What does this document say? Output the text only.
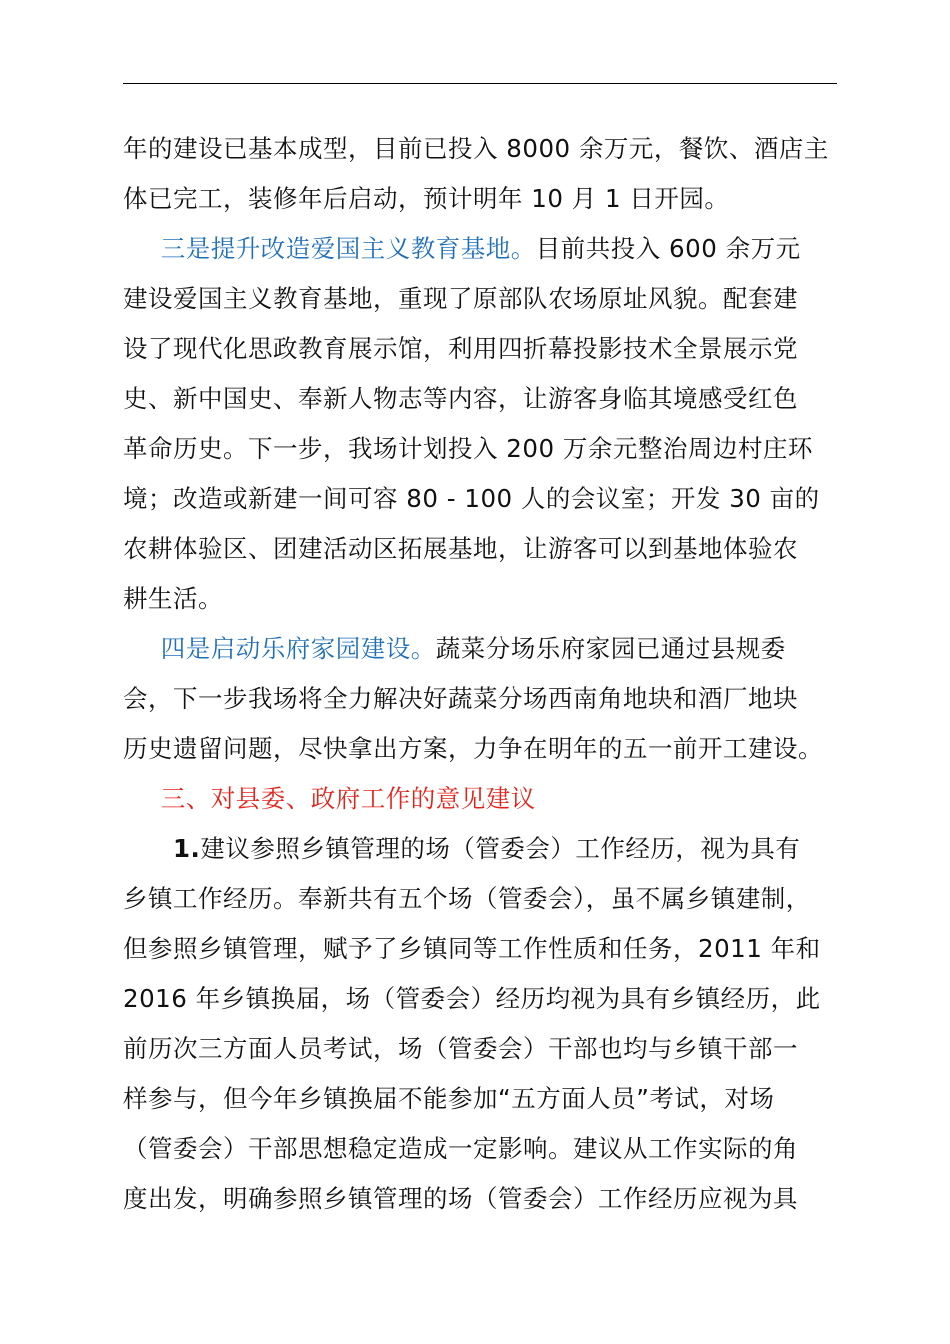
年的建设已基本成型，目前已投入 8000 余万元，餐饮、酒店主
体已完工，装修年后启动，预计明年 10 月 1 日开园。
  三是提升改造爱国主义教育基地。目前共投入 600 余万元
建设爱国主义教育基地，重现了原部队农场原址风貌。配套建
设了现代化思政教育展示馆，利用四折幕投影技术全景展示党
史、新中国史、奉新人物志等内容，让游客身临其境感受红色
革命历史。下一步，我场计划投入 200 万余元整治周边村庄环
境；改造或新建一间可容 80 - 100 人的会议室；开发 30 亩的
农耕体验区、团建活动区拓展基地，让游客可以到基地体验农
耕生活。
  四是启动乐府家园建设。蔬菜分场乐府家园已通过县规委
会，下一步我场将全力解决好蔬菜分场西南角地块和酒厂地块
历史遗留问题，尽快拿出方案，力争在明年的五一前开工建设。
  三、对县委、政府工作的意见建议
  1.建议参照乡镇管理的场（管委会）工作经历，视为具有
乡镇工作经历。奉新共有五个场（管委会），虽不属乡镇建制，
但参照乡镇管理，赋予了乡镇同等工作性质和任务，2011 年和
2016 年乡镇换届，场（管委会）经历均视为具有乡镇经历，此
前历次三方面人员考试，场（管委会）干部也均与乡镇干部一
样参与，但今年乡镇换届不能参加“五方面人员”考试，对场
（管委会）干部思想稳定造成一定影响。建议从工作实际的角
度出发，明确参照乡镇管理的场（管委会）工作经历应视为具
